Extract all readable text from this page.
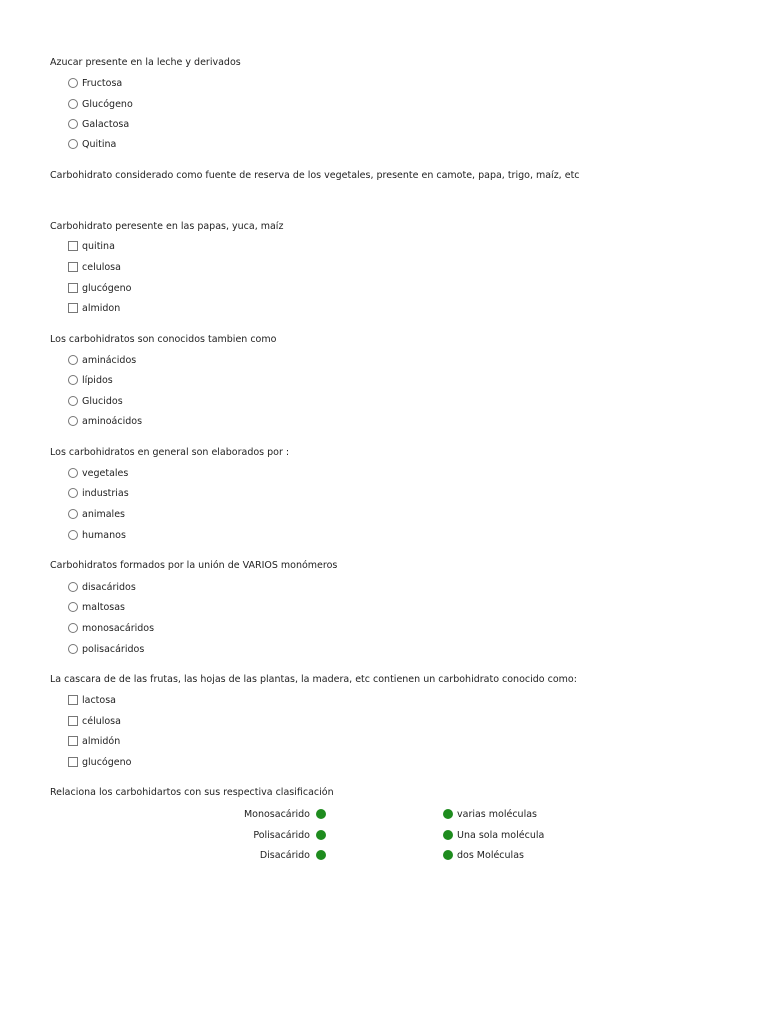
Azucar presente en la leche y derivados
Fructosa
Glucógeno
Galactosa
Quitina
Carbohidrato considerado como fuente de reserva de los vegetales, presente en camote, papa, trigo, maíz, etc
Carbohidrato peresente en las papas, yuca, maíz
quitina
celulosa
glucógeno
almidon
Los carbohidratos son conocidos tambien como
aminácidos
lípidos
Glucidos
aminoácidos
Los carbohidratos en general son elaborados por :
vegetales
industrias
animales
humanos
Carbohidratos formados por la unión de VARIOS monómeros
disacáridos
maltosas
monosacáridos
polisacáridos
La cascara de de las frutas, las hojas de las plantas, la madera, etc contienen un carbohidrato conocido como:
lactosa
célulosa
almidón
glucógeno
Relaciona los carbohidartos con sus respectiva clasificación
Monosacárido
Polisacárido
Disacárido
varias moléculas
Una sola molécula
dos Moléculas
